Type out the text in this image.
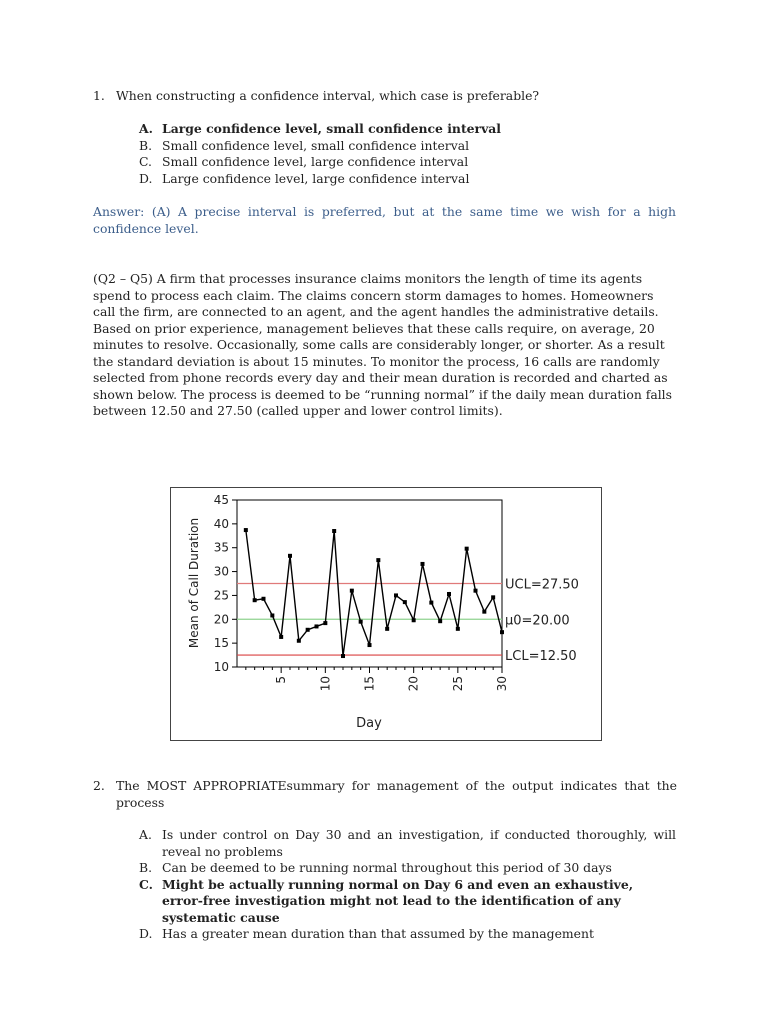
1. When constructing a confidence interval, which case is preferable?
A. Large confidence level, small confidence interval
B. Small confidence level, small confidence interval
C. Small confidence level, large confidence interval
D. Large confidence level, large confidence interval
Answer: (A) A precise interval is preferred, but at the same time we wish for a high confidence level.
(Q2 – Q5) A firm that processes insurance claims monitors the length of time its agents spend to process each claim. The claims concern storm damages to homes. Homeowners call the firm, are connected to an agent, and the agent handles the administrative details. Based on prior experience, management believes that these calls require, on average, 20 minutes to resolve. Occasionally, some calls are considerably longer, or shorter. As a result the standard deviation is about 15 minutes. To monitor the process, 16 calls are randomly selected from phone records every day and their mean duration is recorded and charted as shown below. The process is deemed to be “running normal” if the daily mean duration falls between 12.50 and 27.50 (called upper and lower control limits).
10
15
20
25
30
35
40
45
5	10	15	20	25	30
UCL=27.50
μ0=20.00
LCL=12.50
Mean of Call Duration
Day
2. The MOST APPROPRIATEsummary for management of the output indicates that the process
A. Is under control on Day 30 and an investigation, if conducted thoroughly, will reveal no problems
B. Can be deemed to be running normal throughout this period of 30 days
C. Might be actually running normal on Day 6 and even an exhaustive, error-free investigation might not lead to the identification of any systematic cause
D. Has a greater mean duration than that assumed by the management
